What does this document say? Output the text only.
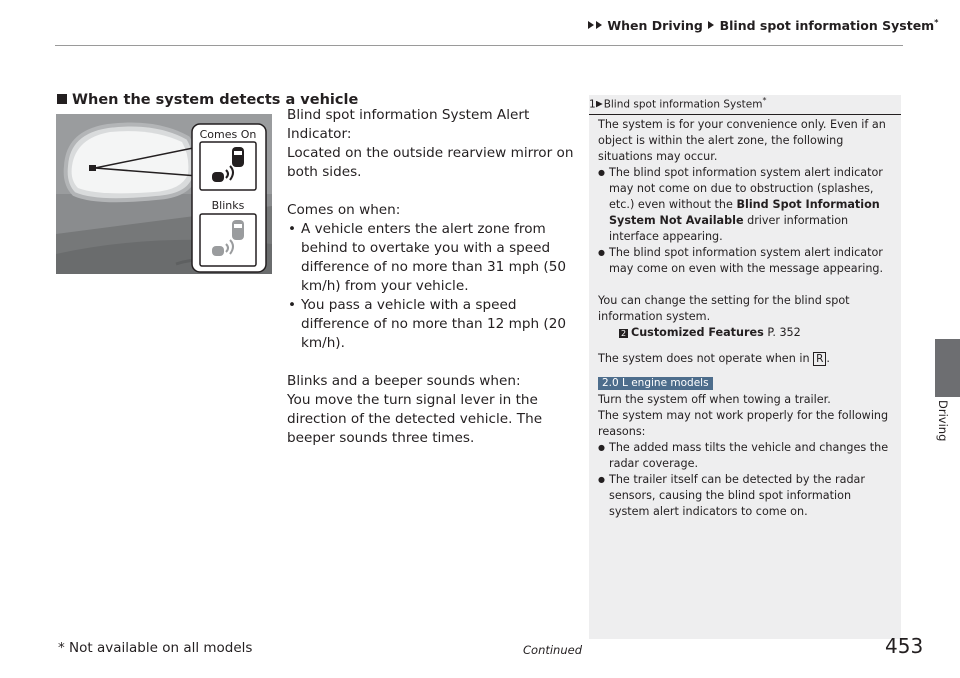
When Driving Blind spot information System*
Driving
When the system detects a vehicle
Comes On
Blinks

Blind spot information System Alert Indicator:

Located on the outside rearview mirror on both sides.

Comes on when:

• A vehicle enters the alert zone from behind to overtake you with a speed difference of no more than 31 mph (50 km/h) from your vehicle.
• You pass a vehicle with a speed difference of no more than 12 mph (20 km/h).

Blinks and a beeper sounds when:

You move the turn signal lever in the direction of the detected vehicle. The beeper sounds three times.

1 Blind spot information System*

The system is for your convenience only. Even if an object is within the alert zone, the following situations may occur.

● The blind spot information system alert indicator may not come on due to obstruction (splashes, etc.) even without the Blind Spot Information System Not Available driver information interface appearing.
● The blind spot information system alert indicator may come on even with the message appearing.

You can change the setting for the blind spot information system.

2 Customized Features P. 352

The system does not operate when in R .

2.0 L engine models

Turn the system off when towing a trailer.

The system may not work properly for the following reasons:

● The added mass tilts the vehicle and changes the radar coverage.
● The trailer itself can be detected by the radar sensors, causing the blind spot information system alert indicators to come on.
* Not available on all models	Continued	453
